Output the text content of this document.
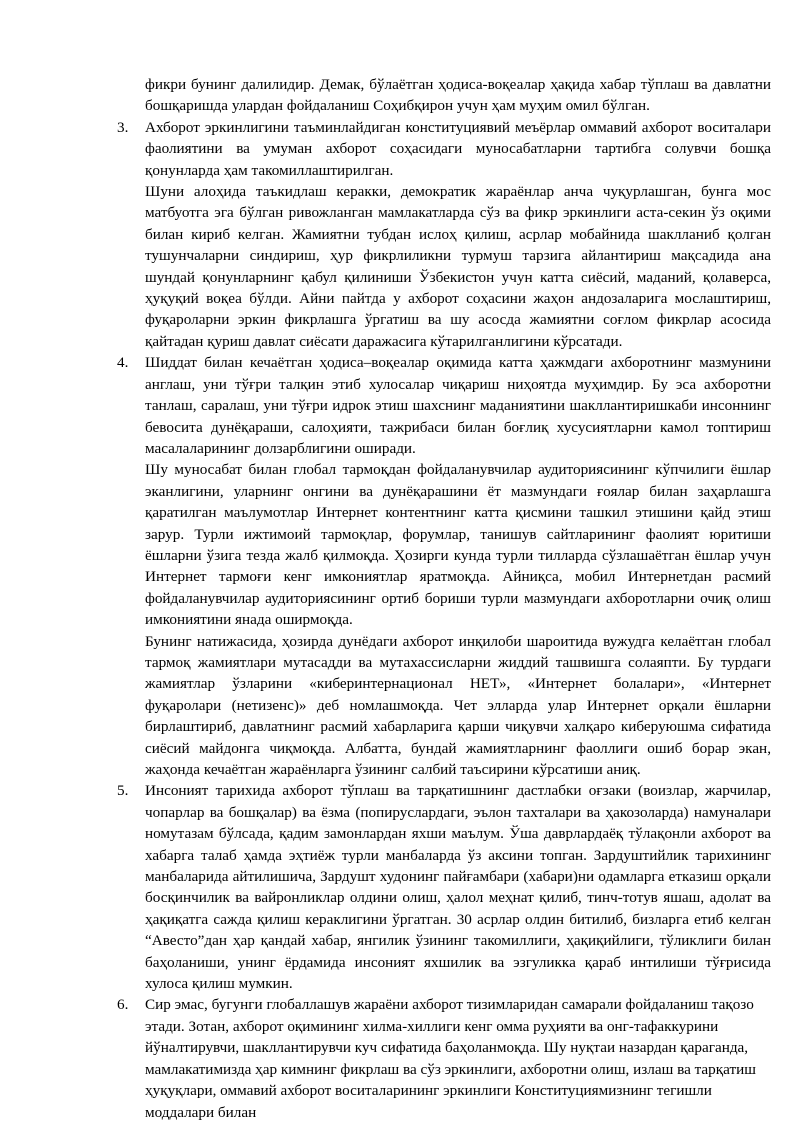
фикри бунинг далилидир. Демак, бўлаётган ҳодиса-воқеалар ҳақида хабар тўплаш ва давлатни бошқаришда улардан фойдаланиш Соҳибқирон учун ҳам муҳим омил бўлган.

3.	Ахборот эркинлигини таъминлайдиган конституциявий меъёрлар оммавий ахборот воситалари фаолиятини ва умуман ахборот соҳасидаги муносабатларни тартибга солувчи бошқа қонунларда ҳам такомиллаштирилган.

Шуни алоҳида таъкидлаш керакки, демократик жараёнлар анча чуқурлашган, бунга мос матбуотга эга бўлган ривожланган мамлакатларда сўз ва фикр эркинлиги аста-секин ўз оқими билан кириб келган. Жамиятни тубдан ислоҳ қилиш, асрлар мобайнида шаклланиб қолган тушунчаларни синдириш, ҳур фикрлиликни турмуш тарзига айлантириш мақсадида ана шундай қонунларнинг қабул қилиниши Ўзбекистон учун катта сиёсий, маданий, қолаверса, ҳуқуқий воқеа бўлди. Айни пайтда у ахборот соҳасини жаҳон андозаларига мослаштириш, фуқароларни эркин фикрлашга ўргатиш ва шу асосда жамиятни соғлом фикрлар асосида қайтадан қуриш давлат сиёсати даражасига кўтарилганлигини кўрсатади.

4.	Шиддат билан кечаётган ҳодиса–воқеалар оқимида катта ҳажмдаги ахборотнинг мазмунини англаш, уни тўғри талқин этиб хулосалар чиқариш ниҳоятда муҳимдир. Бу эса ахборотни танлаш, саралаш, уни тўғри идрок этиш шахснинг маданиятини шакллантиришкаби инсоннинг бевосита дунёқараши, салоҳияти, тажрибаси билан боғлиқ хусусиятларни камол топтириш масалаларининг долзарблигини оширади.

Шу муносабат билан глобал тармоқдан фойдаланувчилар аудиториясининг кўпчилиги ёшлар эканлигини, уларнинг онгини ва дунёқарашини ёт мазмундаги ғоялар билан заҳарлашга қаратилган маълумотлар Интернет контентнинг катта қисмини ташкил этишини қайд этиш зарур. Турли ижтимоий тармоқлар, форумлар, танишув сайтларининг фаолият юритиши ёшларни ўзига тезда жалб қилмоқда. Ҳозирги кунда турли тилларда сўзлашаётган ёшлар учун Интернет тармоғи кенг имкониятлар яратмоқда. Айниқса, мобил Интернетдан расмий фойдаланувчилар аудиториясининг ортиб бориши турли мазмундаги ахборотларни очиқ олиш имкониятини янада оширмоқда.

Бунинг натижасида, ҳозирда дунёдаги ахборот инқилоби шароитида вужудга келаётган глобал тармоқ жамиятлари мутасадди ва мутахассисларни жиддий ташвишга солаяпти. Бу турдаги жамиятлар ўзларини «киберинтернационал НЕТ», «Интернет болалари», «Интернет фуқаролари (нетизенс)» деб номлашмоқда. Чет элларда улар Интернет орқали ёшларни бирлаштириб, давлатнинг расмий хабарларига қарши чиқувчи халқаро киберуюшма сифатида сиёсий майдонга чиқмоқда. Албатта, бундай жамиятларнинг фаоллиги ошиб борар экан, жаҳонда кечаётган жараёнларга ўзининг салбий таъсирини кўрсатиши аниқ.

5.	Инсоният тарихида ахборот тўплаш ва тарқатишнинг дастлабки оғзаки (воизлар, жарчилар, чопарлар ва бошқалар) ва ёзма (попируслардаги, эълон тахталари ва ҳакозоларда) намуналари номутазам бўлсада, қадим замонлардан яхши маълум. Ўша даврлардаёқ тўлақонли ахборот ва хабарга талаб ҳамда эҳтиёж турли манбаларда ўз аксини топган. Зардуштийлик тарихининг манбаларида айтилишича, Зардушт худонинг пайғамбари (хабари)ни одамларга етказиш орқали босқинчилик ва вайронликлар олдини олиш, ҳалол меҳнат қилиб, тинч-тотув яшаш, адолат ва ҳақиқатга сажда қилиш кераклигини ўргатган. 30 асрлар олдин битилиб, бизларга етиб келган “Авесто”дан ҳар қандай хабар, янгилик ўзининг такомиллиги, ҳақиқийлиги, тўликлиги билан баҳоланиши, унинг ёрдамида инсоният яхшилик ва эзгуликка қараб интилиши тўғрисида хулоса қилиш мумкин.

6.	Сир эмас, бугунги глобаллашув жараёни ахборот тизимларидан самарали фойдаланиш тақозо этади. Зотан, ахборот оқимининг хилма-хиллиги кенг омма руҳияти ва онг-тафаккурини йўналтирувчи, шакллантирувчи куч сифатида баҳоланмоқда. Шу нуқтаи назардан қараганда, мамлакатимизда ҳар кимнинг фикрлаш ва сўз эркинлиги, ахборотни олиш, излаш ва тарқатиш ҳуқуқлари, оммавий ахборот воситаларининг эркинлиги Конституциямизнинг тегишли моддалари билан
